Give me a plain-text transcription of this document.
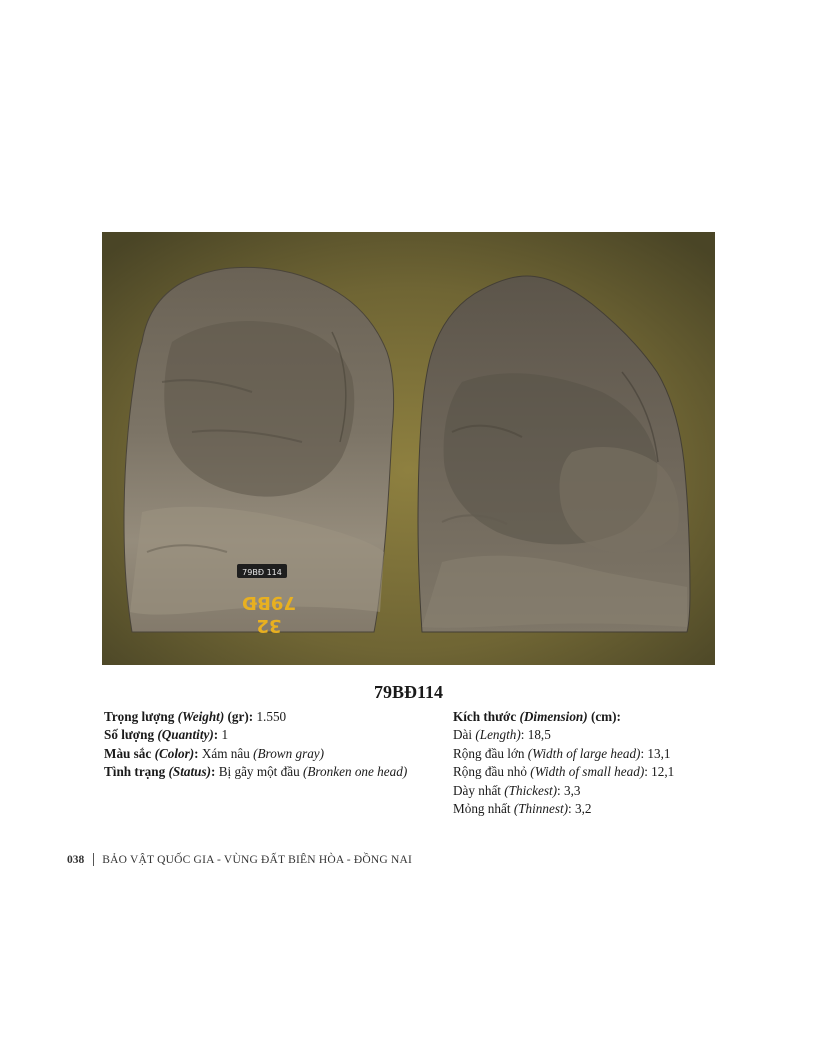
79BĐ 114
32
79BĐ
79BĐ114
Trọng lượng (Weight) (gr): 1.550
Số lượng (Quantity): 1
Màu sắc (Color): Xám nâu (Brown gray)
Tình trạng (Status): Bị gãy một đầu (Bronken one head)
Kích thước (Dimension) (cm):
Dài (Length): 18,5
Rộng đầu lớn (Width of large head): 13,1
Rộng đầu nhỏ (Width of small head): 12,1
Dày nhất (Thickest): 3,3
Mỏng nhất (Thinnest): 3,2
038 BẢO VẬT QUỐC GIA - VÙNG ĐẤT BIÊN HÒA - ĐỒNG NAI
